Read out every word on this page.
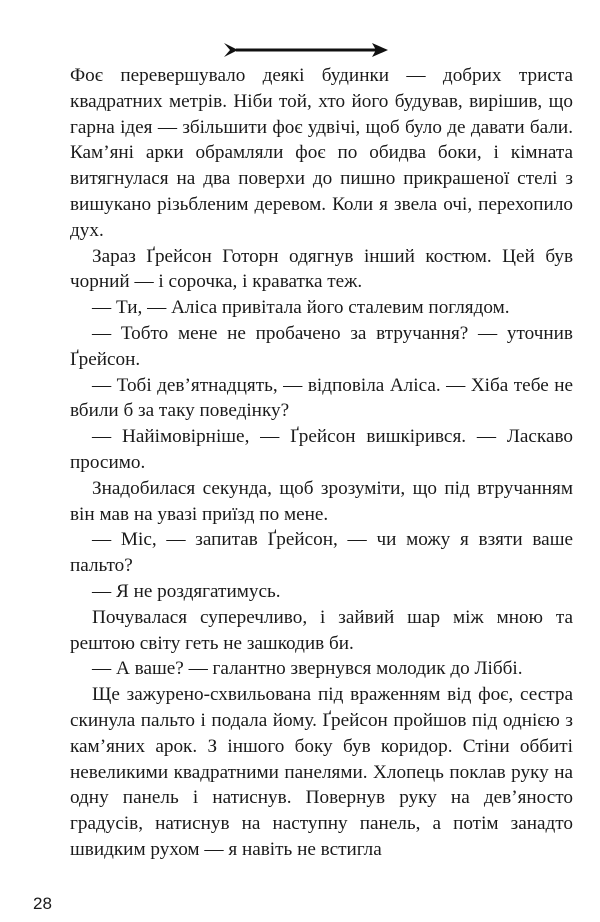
Фоє перевершувало деякі будинки — добрих триста квадратних метрів. Ніби той, хто його будував, вирішив, що гарна ідея — збільшити фоє удвічі, щоб було де давати бали. Кам’яні арки обрамляли фоє по обидва боки, і кімната витягнулася на два поверхи до пишно прикрашеної стелі з вишукано різьбленим деревом. Коли я звела очі, перехопило дух.

Зараз Ґрейсон Готорн одягнув інший костюм. Цей був чорний — і сорочка, і краватка теж.

— Ти, — Аліса привітала його сталевим поглядом.

— Тобто мене не пробачено за втручання? — уточнив Ґрейсон.

— Тобі дев’ятнадцять, — відповіла Аліса. — Хіба тебе не вбили б за таку поведінку?

— Найімовірніше, — Ґрейсон вишкірився. — Ласкаво просимо.

Знадобилася секунда, щоб зрозуміти, що під втручанням він мав на увазі приїзд по мене.

— Міс, — запитав Ґрейсон, — чи можу я взяти ваше пальто?

— Я не роздягатимусь.

Почувалася суперечливо, і зайвий шар між мною та рештою світу геть не зашкодив би.

— А ваше? — галантно звернувся молодик до Ліббі.

Ще зажурено-схвильована під враженням від фоє, сестра скинула пальто і подала йому. Ґрейсон пройшов під однією з кам’яних арок. З іншого боку був коридор. Стіни оббиті невеликими квадратними панелями. Хлопець поклав руку на одну панель і натиснув. Повернув руку на дев’яносто градусів, натиснув на наступну панель, а потім занадто швидким рухом — я навіть не встигла

28
